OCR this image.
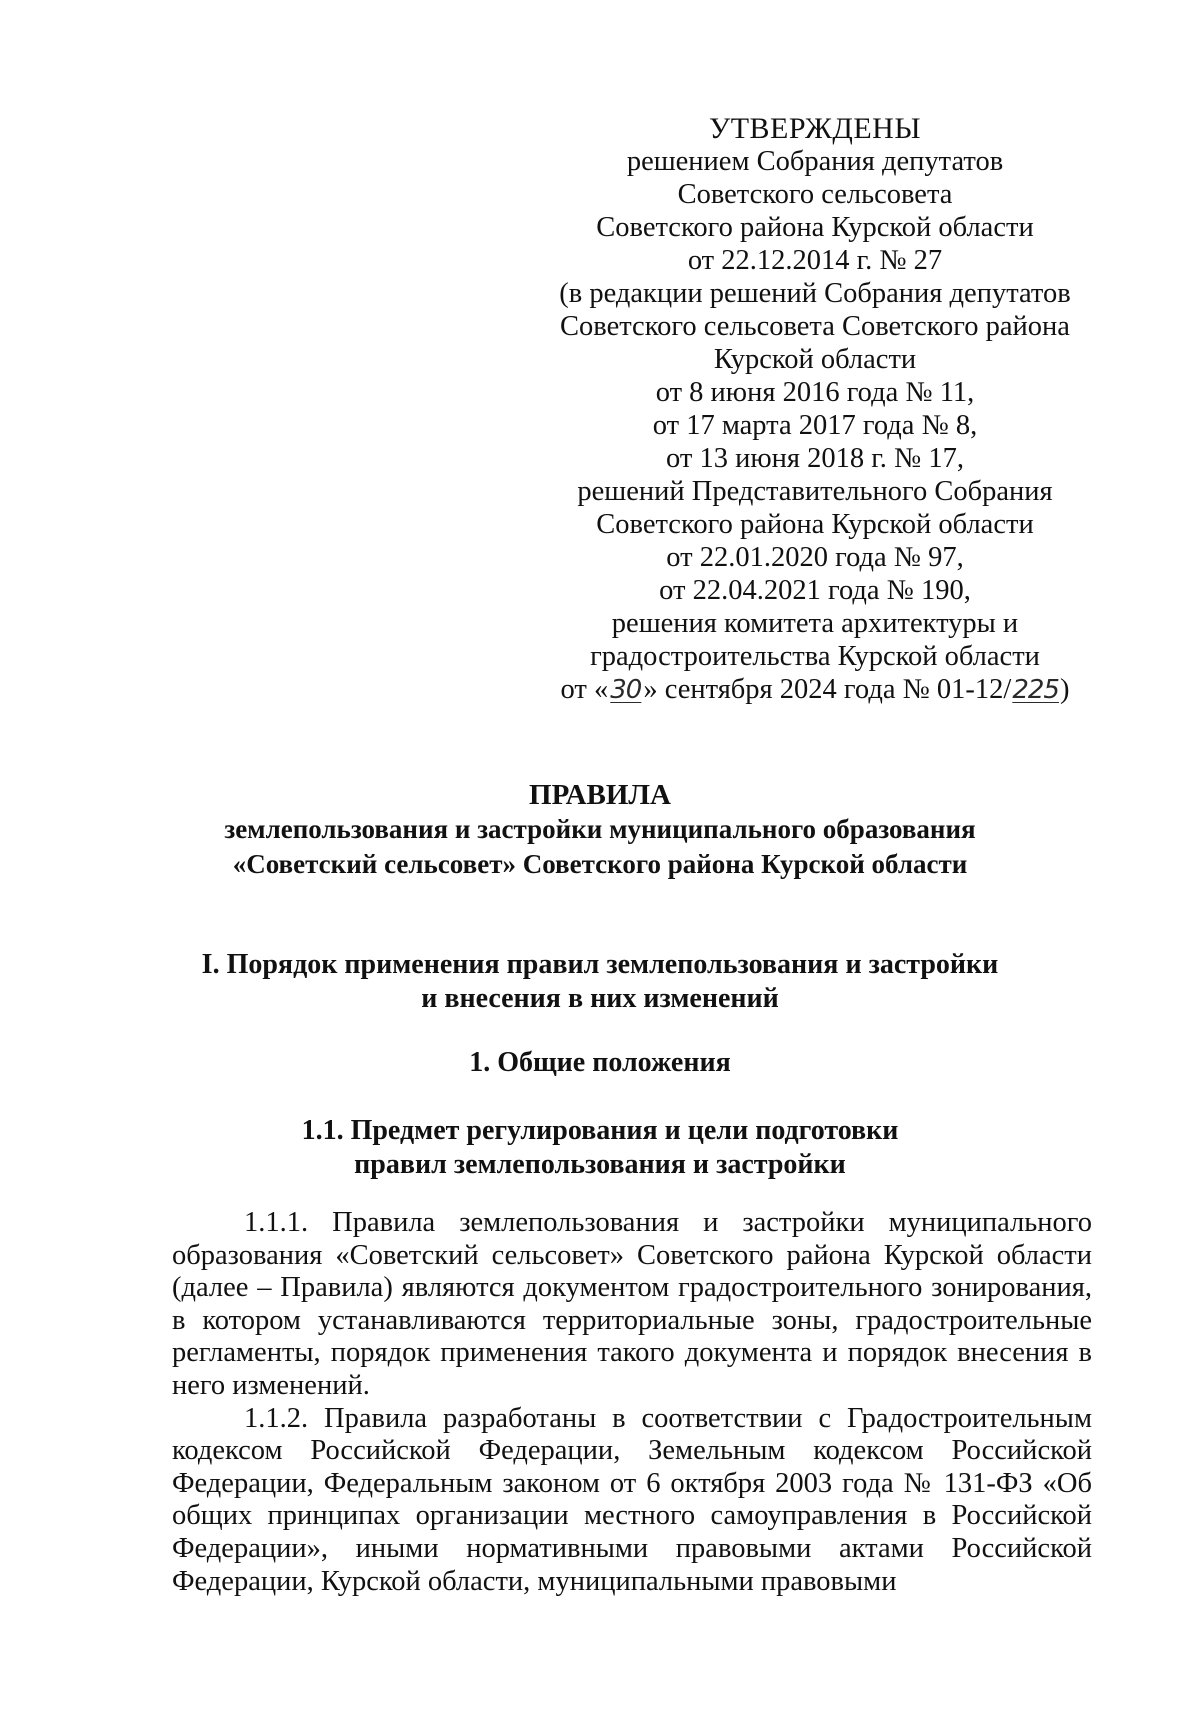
УТВЕРЖДЕНЫ
решением Собрания депутатов
Советского сельсовета
Советского района Курской области
от 22.12.2014 г. № 27
(в редакции решений Собрания депутатов
Советского сельсовета Советского района
Курской области
от 8 июня 2016 года № 11,
от 17 марта 2017 года № 8,
от 13 июня 2018 г. № 17,
решений Представительного Собрания
Советского района Курской области
от 22.01.2020 года № 97,
от 22.04.2021 года № 190,
решения комитета архитектуры и
градостроительства Курской области
от «30» сентября 2024 года № 01-12/225)
ПРАВИЛА
землепользования и застройки муниципального образования
«Советский сельсовет» Советского района Курской области
I. Порядок применения правил землепользования и застройки
и внесения в них изменений
1. Общие положения
1.1. Предмет регулирования и цели подготовки
правил землепользования и застройки

1.1.1. Правила землепользования и застройки муниципального образования «Советский сельсовет» Советского района Курской области (далее – Правила) являются документом градостроительного зонирования, в котором устанавливаются территориальные зоны, градостроительные регламенты, порядок применения такого документа и порядок внесения в него изменений.

1.1.2. Правила разработаны в соответствии с Градостроительным кодексом Российской Федерации, Земельным кодексом Российской Федерации, Федеральным законом от 6 октября 2003 года № 131-ФЗ «Об общих принципах организации местного самоуправления в Российской Федерации», иными нормативными правовыми актами Российской Федерации, Курской области, муниципальными правовыми
